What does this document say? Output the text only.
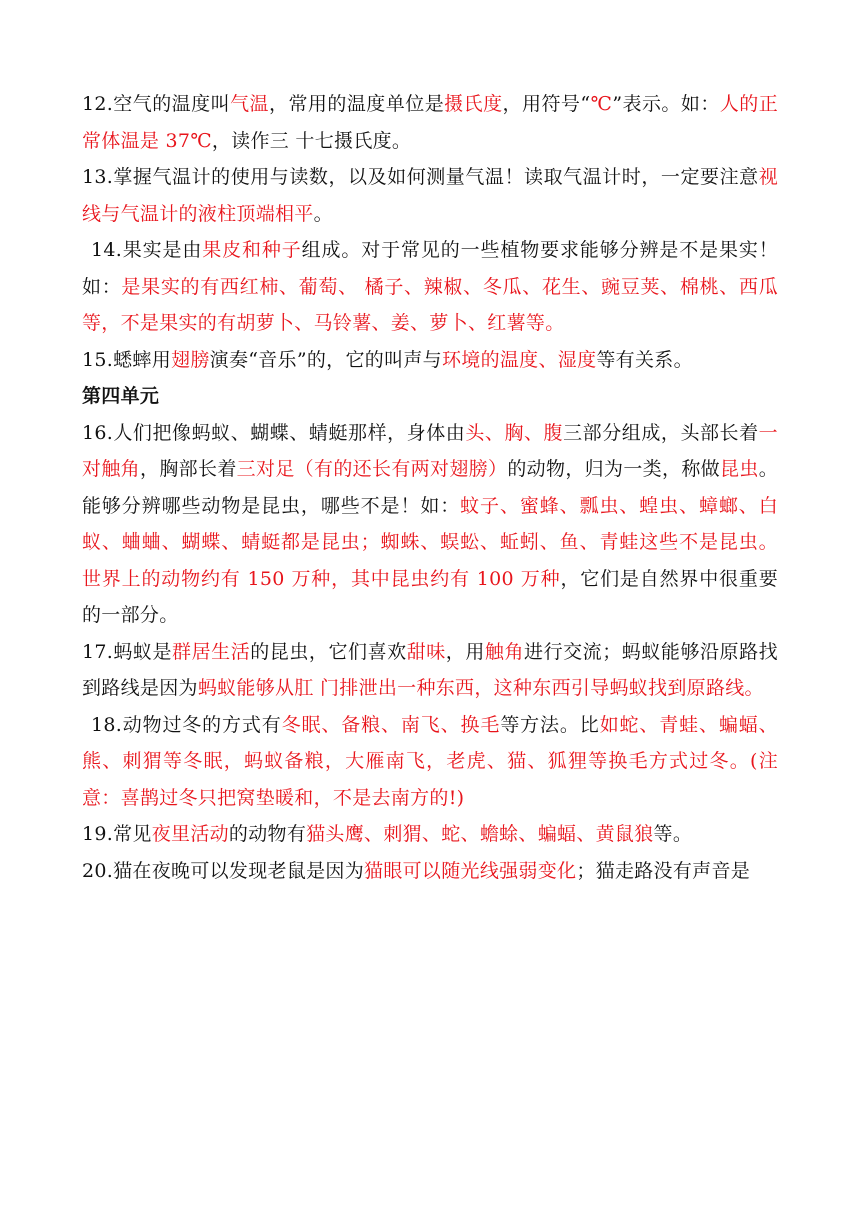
12.空气的温度叫气温，常用的温度单位是摄氏度，用符号“℃”表示。如：人的正常体温是 37℃，读作三 十七摄氏度。

13.掌握气温计的使用与读数，以及如何测量气温！读取气温计时，一定要注意视线与气温计的液柱顶端相平。

14.果实是由果皮和种子组成。对于常见的一些植物要求能够分辨是不是果实！如：是果实的有西红柿、葡萄、 橘子、辣椒、冬瓜、花生、豌豆荚、棉桃、西瓜等，不是果实的有胡萝卜、马铃薯、姜、萝卜、红薯等。

15.蟋蟀用翅膀演奏“音乐”的，它的叫声与环境的温度、湿度等有关系。

第四单元

16.人们把像蚂蚁、蝴蝶、蜻蜓那样，身体由头、胸、腹三部分组成，头部长着一对触角，胸部长着三对足（有的还长有两对翅膀）的动物，归为一类，称做昆虫。 能够分辨哪些动物是昆虫，哪些不是！如：蚊子、蜜蜂、瓢虫、蝗虫、蟑螂、白蚁、蛐蛐、蝴蝶、蜻蜓都是昆虫；蜘蛛、蜈蚣、蚯蚓、鱼、青蛙这些不是昆虫。 世界上的动物约有 150 万种，其中昆虫约有 100 万种，它们是自然界中很重要的一部分。

17.蚂蚁是群居生活的昆虫，它们喜欢甜味，用触角进行交流；蚂蚁能够沿原路找到路线是因为蚂蚁能够从肛 门排泄出一种东西，这种东西引导蚂蚁找到原路线。

18.动物过冬的方式有冬眠、备粮、南飞、换毛等方法。比如蛇、青蛙、蝙蝠、熊、刺猬等冬眠，蚂蚁备粮，大雁南飞，老虎、猫、狐狸等换毛方式过冬。(注意：喜鹊过冬只把窝垫暖和，不是去南方的!)

19.常见夜里活动的动物有猫头鹰、刺猬、蛇、蟾蜍、蝙蝠、黄鼠狼等。

20.猫在夜晚可以发现老鼠是因为猫眼可以随光线强弱变化；猫走路没有声音是
